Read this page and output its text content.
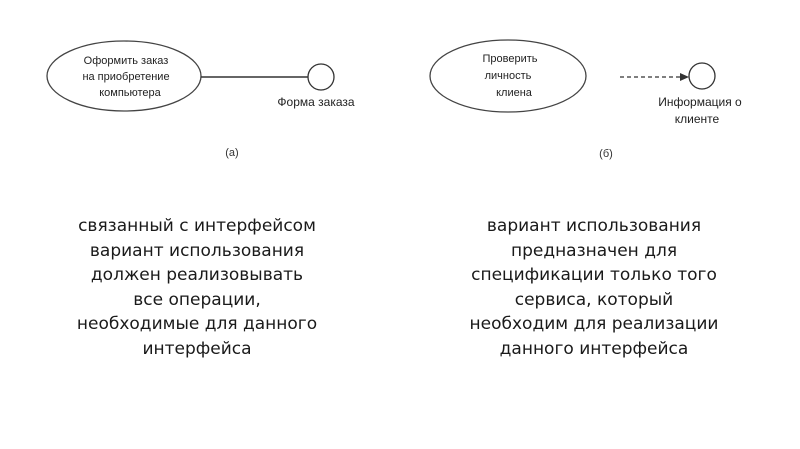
Оформить заказ
на приобретение
компьютера
Форма заказа
(а)
Проверить
личность
клиена
Информация о
клиенте
(б)
связанный с интерфейсом
вариант использования
должен реализовывать
все операции,
необходимые для данного
интерфейса
вариант использования
предназначен для
спецификации только того
сервиса, который
необходим для реализации
данного интерфейса
